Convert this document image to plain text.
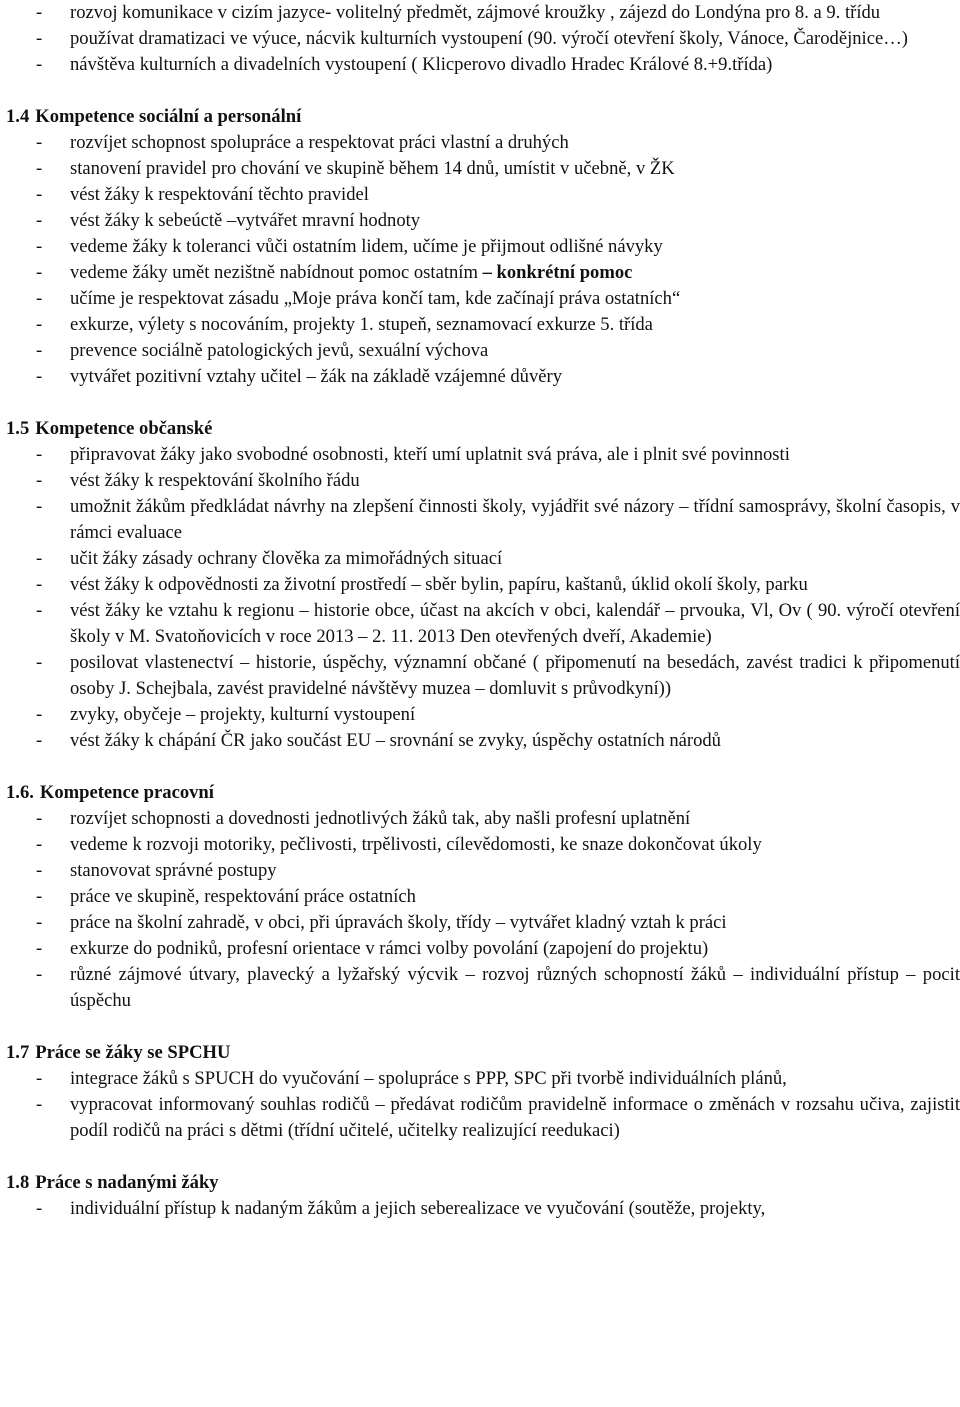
- rozvoj komunikace v cizím jazyce- volitelný předmět, zájmové kroužky , zájezd do Londýna pro 8. a 9. třídu
- používat dramatizaci ve výuce, nácvik kulturních vystoupení (90. výročí otevření školy, Vánoce, Čarodějnice…)
- návštěva kulturních a divadelních vystoupení ( Klicperovo divadlo Hradec Králové 8.+9.třída)
1.4 Kompetence sociální a personální
- rozvíjet schopnost spolupráce a respektovat práci vlastní a druhých
- stanovení pravidel pro chování ve skupině během 14 dnů, umístit v učebně, v ŽK
- vést žáky k respektování těchto pravidel
- vést žáky k sebeúctě –vytvářet mravní hodnoty
- vedeme žáky k toleranci vůči ostatním lidem, učíme je přijmout odlišné návyky
- vedeme žáky umět nezištně nabídnout pomoc ostatním – konkrétní pomoc
- učíme je respektovat zásadu „Moje práva končí tam, kde začínají práva ostatních“
- exkurze, výlety s nocováním, projekty 1. stupeň, seznamovací exkurze 5. třída
- prevence sociálně patologických jevů, sexuální výchova
- vytvářet pozitivní vztahy učitel – žák na základě vzájemné důvěry
1.5 Kompetence občanské
- připravovat žáky jako svobodné osobnosti, kteří umí uplatnit svá práva, ale i plnit své povinnosti
- vést žáky k respektování školního řádu
- umožnit žákům předkládat návrhy na zlepšení činnosti školy, vyjádřit své názory – třídní samosprávy, školní časopis, v rámci evaluace
- učit žáky zásady ochrany člověka za mimořádných situací
- vést žáky k odpovědnosti za životní prostředí – sběr bylin, papíru, kaštanů, úklid okolí školy, parku
- vést žáky ke vztahu k regionu – historie obce, účast na akcích v obci, kalendář – prvouka, Vl, Ov ( 90. výročí otevření školy v M. Svatoňovicích v roce 2013 – 2. 11. 2013 Den otevřených dveří, Akademie)
- posilovat vlastenectví – historie, úspěchy, významní občané ( připomenutí na besedách, zavést tradici k připomenutí osoby J. Schejbala, zavést pravidelné návštěvy muzea – domluvit s průvodkyní))
- zvyky, obyčeje – projekty, kulturní vystoupení
- vést žáky k chápání ČR jako součást EU – srovnání se zvyky, úspěchy ostatních národů
1.6. Kompetence pracovní
- rozvíjet schopnosti a dovednosti jednotlivých žáků tak, aby našli profesní uplatnění
- vedeme k rozvoji motoriky, pečlivosti, trpělivosti, cílevědomosti, ke snaze dokončovat úkoly
- stanovovat správné postupy
- práce ve skupině, respektování práce ostatních
- práce na školní zahradě, v obci, při úpravách školy, třídy – vytvářet kladný vztah k práci
- exkurze do podniků, profesní orientace v rámci volby povolání (zapojení do projektu)
- různé zájmové útvary, plavecký a lyžařský výcvik – rozvoj různých schopností žáků – individuální přístup – pocit úspěchu
1.7 Práce se žáky se SPCHU
- integrace žáků s SPUCH do vyučování – spolupráce s PPP, SPC při tvorbě individuálních plánů,
- vypracovat informovaný souhlas rodičů – předávat rodičům pravidelně informace o změnách v rozsahu učiva, zajistit podíl rodičů na práci s dětmi (třídní učitelé, učitelky realizující reedukaci)
1.8 Práce s nadanými žáky
- individuální přístup k nadaným žákům a jejich seberealizace ve vyučování (soutěže, projekty,
